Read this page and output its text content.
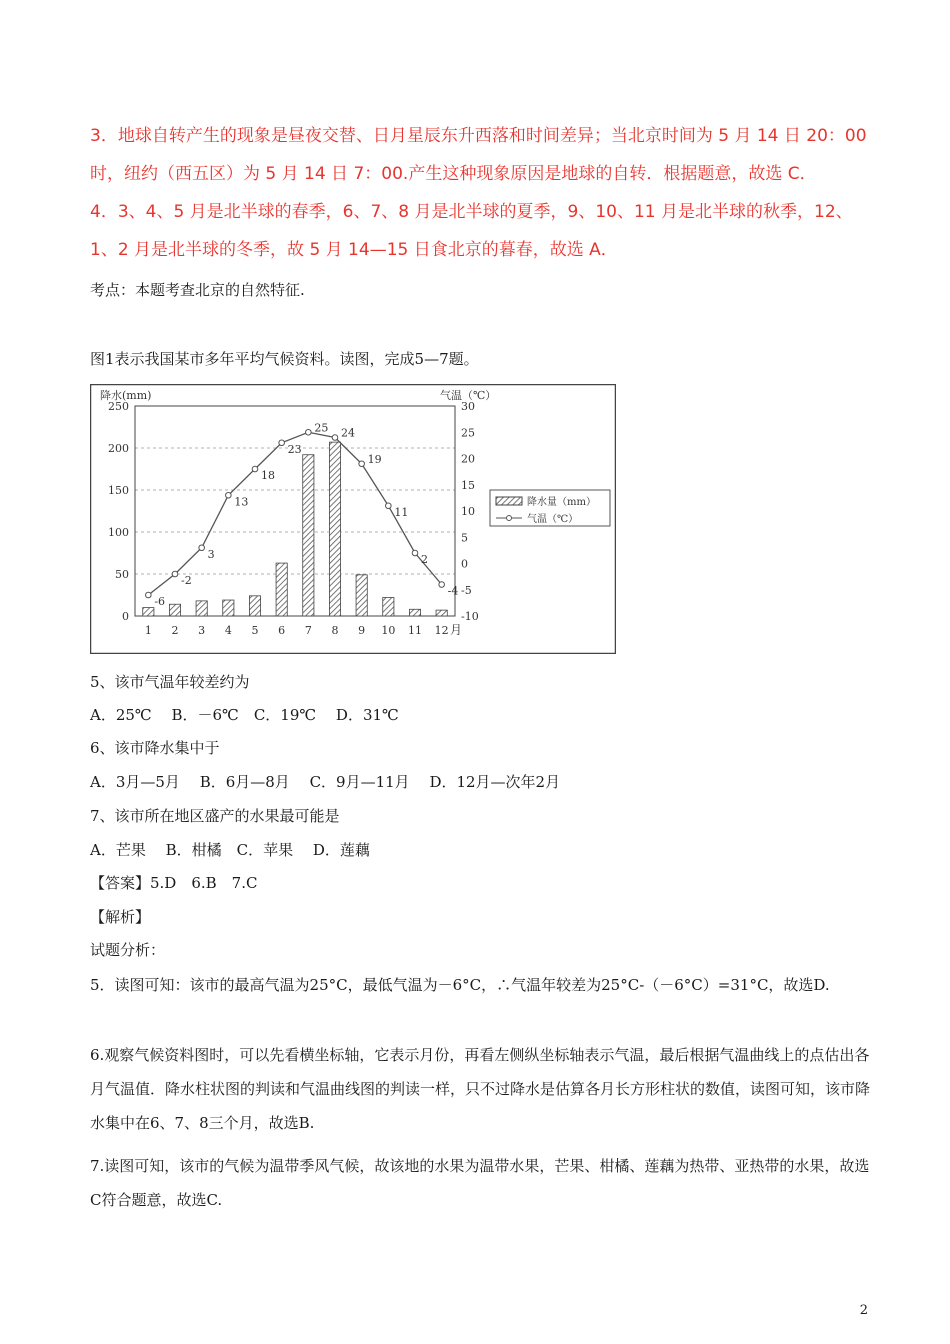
3．地球自转产生的现象是昼夜交替、日月星辰东升西落和时间差异；当北京时间为 5 月 14 日 20：00 时，纽约（西五区）为 5 月 14 日 7：00.产生这种现象原因是地球的自转．根据题意，故选 C．
4．3、4、5 月是北半球的春季，6、7、8 月是北半球的夏季，9、10、11 月是北半球的秋季，12、1、2 月是北半球的冬季，故 5 月 14—15 日食北京的暮春，故选 A．
考点：本题考查北京的自然特征.
图1表示我国某市多年平均气候资料。读图，完成5—7题。
降水(mm)	气温（℃）
月
250
200
150
100
50
0
30
25
20
15
10
5
0
-5
-10
1 2 3 4 5 6 7 8 9 10 11 12
-6
-2
3
13
18
23
25 24
19
11
2
-4
降水量（mm）
气温（℃）
5、该市气温年较差约为
A．25℃　 B．－6℃　C．19℃　 D．31℃
6、该市降水集中于
A．3月—5月　 B．6月—8月　 C．9月—11月　 D．12月—次年2月
7、该市所在地区盛产的水果最可能是
A．芒果　 B．柑橘　C．苹果　 D．莲藕
【答案】5.D　6.B　7.C
【解析】
试题分析：
5．读图可知：该市的最高气温为25°C，最低气温为－6°C，∴气温年较差为25°C-（－6°C）=31°C，故选D.
6.观察气候资料图时，可以先看横坐标轴，它表示月份，再看左侧纵坐标轴表示气温，最后根据气温曲线上的点估出各月气温值．降水柱状图的判读和气温曲线图的判读一样，只不过降水是估算各月长方形柱状的数值，读图可知，该市降水集中在6、7、8三个月，故选B.
7.读图可知，该市的气候为温带季风气候，故该地的水果为温带水果，芒果、柑橘、莲藕为热带、亚热带的水果，故选C符合题意，故选C.
2
